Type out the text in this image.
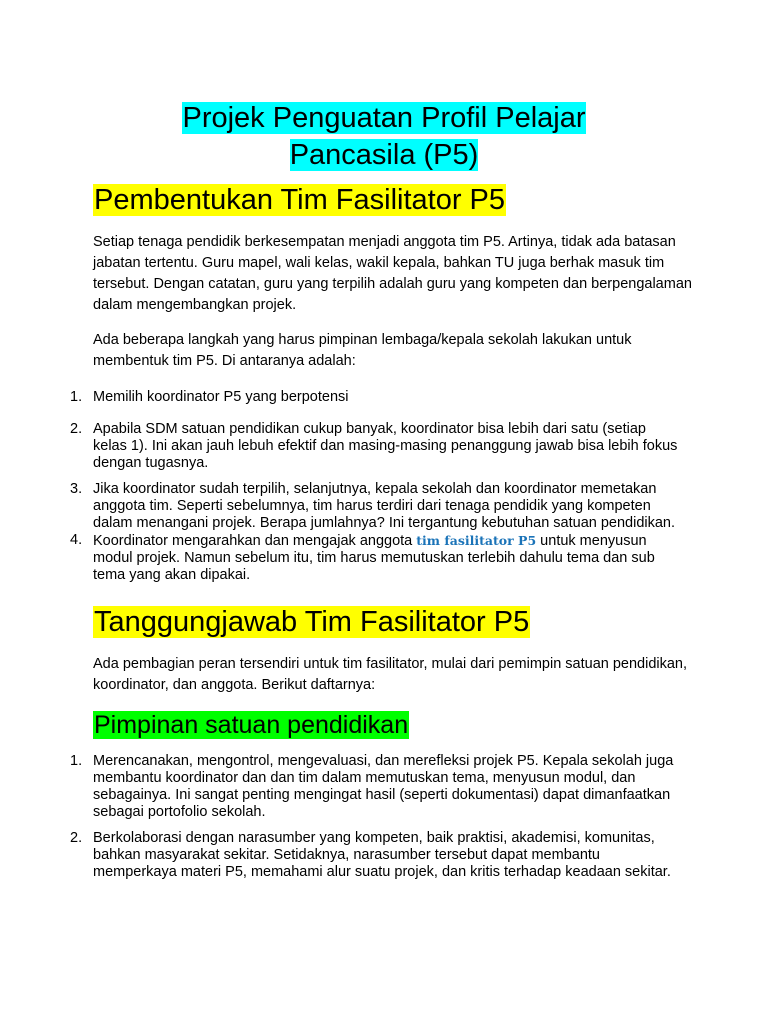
Projek Penguatan Profil Pelajar
Pancasila (P5)
Pembentukan Tim Fasilitator P5

Setiap tenaga pendidik berkesempatan menjadi anggota tim P5. Artinya, tidak ada batasan jabatan tertentu. Guru mapel, wali kelas, wakil kepala, bahkan TU juga berhak masuk tim tersebut. Dengan catatan, guru yang terpilih adalah guru yang kompeten dan berpengalaman dalam mengembangkan projek.

Ada beberapa langkah yang harus pimpinan lembaga/kepala sekolah lakukan untuk membentuk tim P5. Di antaranya adalah:

1. Memilih koordinator P5 yang berpotensi
2. Apabila SDM satuan pendidikan cukup banyak, koordinator bisa lebih dari satu (setiap kelas 1). Ini akan jauh lebuh efektif dan masing-masing penanggung jawab bisa lebih fokus dengan tugasnya.
3. Jika koordinator sudah terpilih, selanjutnya, kepala sekolah dan koordinator memetakan anggota tim. Seperti sebelumnya, tim harus terdiri dari tenaga pendidik yang kompeten dalam menangani projek. Berapa jumlahnya? Ini tergantung kebutuhan satuan pendidikan.
4. Koordinator mengarahkan dan mengajak anggota tim fasilitator P5 untuk menyusun modul projek. Namun sebelum itu, tim harus memutuskan terlebih dahulu tema dan sub tema yang akan dipakai.
Tanggungjawab Tim Fasilitator P5

Ada pembagian peran tersendiri untuk tim fasilitator, mulai dari pemimpin satuan pendidikan, koordinator, dan anggota. Berikut daftarnya:

Pimpinan satuan pendidikan
1. Merencanakan, mengontrol, mengevaluasi, dan merefleksi projek P5. Kepala sekolah juga membantu koordinator dan dan tim dalam memutuskan tema, menyusun modul, dan sebagainya. Ini sangat penting mengingat hasil (seperti dokumentasi) dapat dimanfaatkan sebagai portofolio sekolah.
2. Berkolaborasi dengan narasumber yang kompeten, baik praktisi, akademisi, komunitas, bahkan masyarakat sekitar. Setidaknya, narasumber tersebut dapat membantu memperkaya materi P5, memahami alur suatu projek, dan kritis terhadap keadaan sekitar.
